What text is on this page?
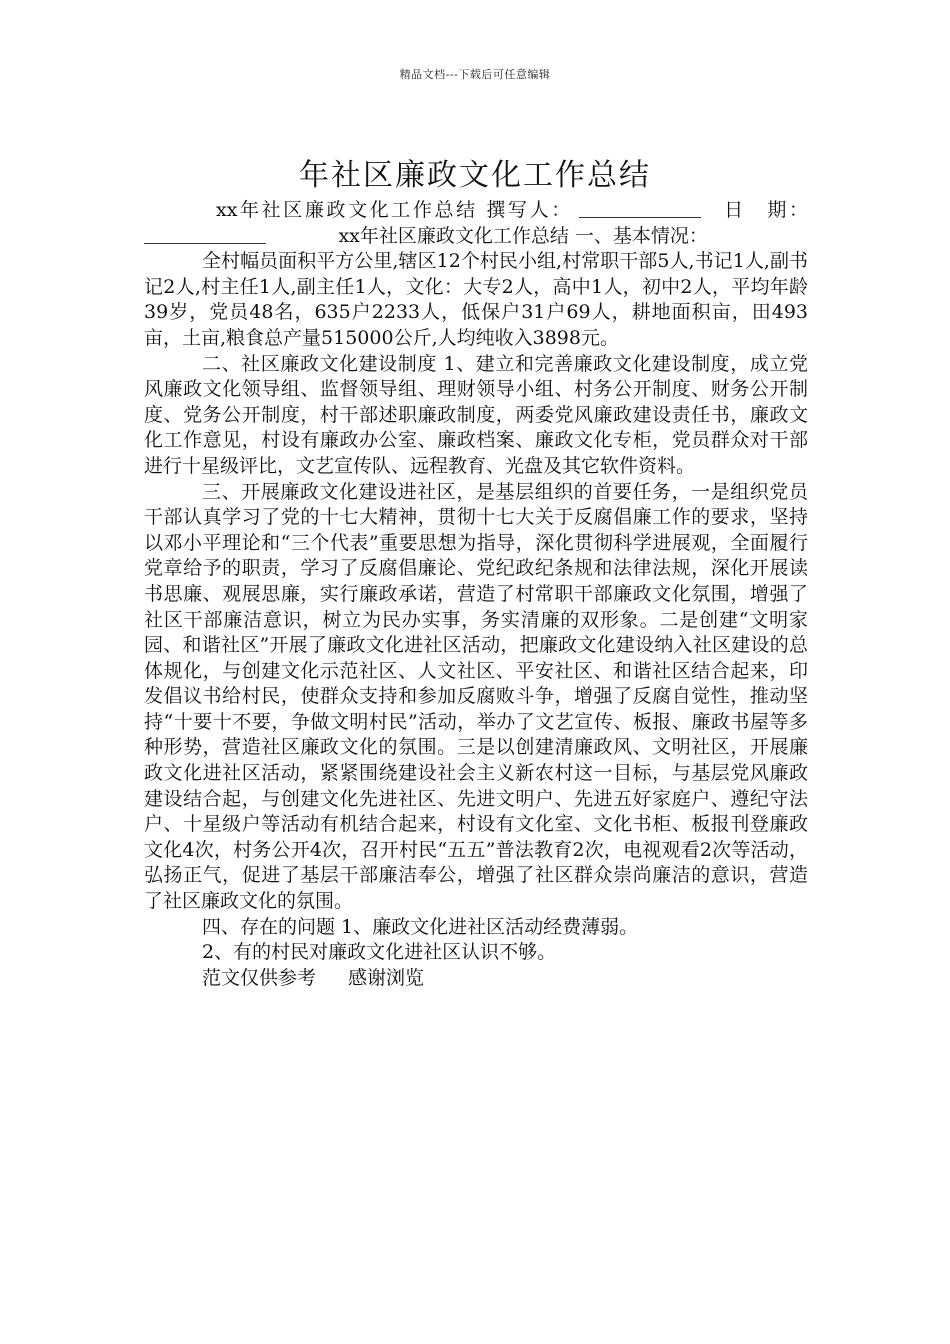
精品文档---下载后可任意编辑
年社区廉政文化工作总结

xx年社区廉政文化工作总结 撰写人：	日　期：           xx年社区廉政文化工作总结 一、基本情况：

全村幅员面积平方公里,辖区12个村民小组,村常职干部5人,书记1人,副书记2人,村主任1人,副主任1人，文化：大专2人，高中1人，初中2人，平均年龄39岁，党员48名，635户2233人，低保户31户69人，耕地面积亩，田493亩，土亩,粮食总产量515000公斤,人均纯收入3898元。

二、社区廉政文化建设制度 1、建立和完善廉政文化建设制度，成立党风廉政文化领导组、监督领导组、理财领导小组、村务公开制度、财务公开制度、党务公开制度，村干部述职廉政制度，两委党风廉政建设责任书，廉政文化工作意见，村设有廉政办公室、廉政档案、廉政文化专柜，党员群众对干部进行十星级评比，文艺宣传队、远程教育、光盘及其它软件资料。

三、开展廉政文化建设进社区，是基层组织的首要任务，一是组织党员干部认真学习了党的十七大精神，贯彻十七大关于反腐倡廉工作的要求，坚持以邓小平理论和“三个代表”重要思想为指导，深化贯彻科学进展观，全面履行党章给予的职责，学习了反腐倡廉论、党纪政纪条规和法律法规，深化开展读书思廉、观展思廉，实行廉政承诺，营造了村常职干部廉政文化氛围，增强了社区干部廉洁意识，树立为民办实事，务实清廉的双形象。二是创建“文明家园、和谐社区”开展了廉政文化进社区活动，把廉政文化建设纳入社区建设的总体规化，与创建文化示范社区、人文社区、平安社区、和谐社区结合起来，印发倡议书给村民，使群众支持和参加反腐败斗争，增强了反腐自觉性，推动坚持“十要十不要，争做文明村民”活动，举办了文艺宣传、板报、廉政书屋等多种形势，营造社区廉政文化的氛围。三是以创建清廉政风、文明社区，开展廉政文化进社区活动，紧紧围绕建设社会主义新农村这一目标，与基层党风廉政建设结合起，与创建文化先进社区、先进文明户、先进五好家庭户、遵纪守法户、十星级户等活动有机结合起来，村设有文化室、文化书柜、板报刊登廉政文化4次，村务公开4次，召开村民“五五”普法教育2次，电视观看2次等活动，弘扬正气，促进了基层干部廉洁奉公，增强了社区群众崇尚廉洁的意识，营造了社区廉政文化的氛围。

四、存在的问题 1、廉政文化进社区活动经费薄弱。

2、有的村民对廉政文化进社区认识不够。

范文仅供参考 感谢浏览
